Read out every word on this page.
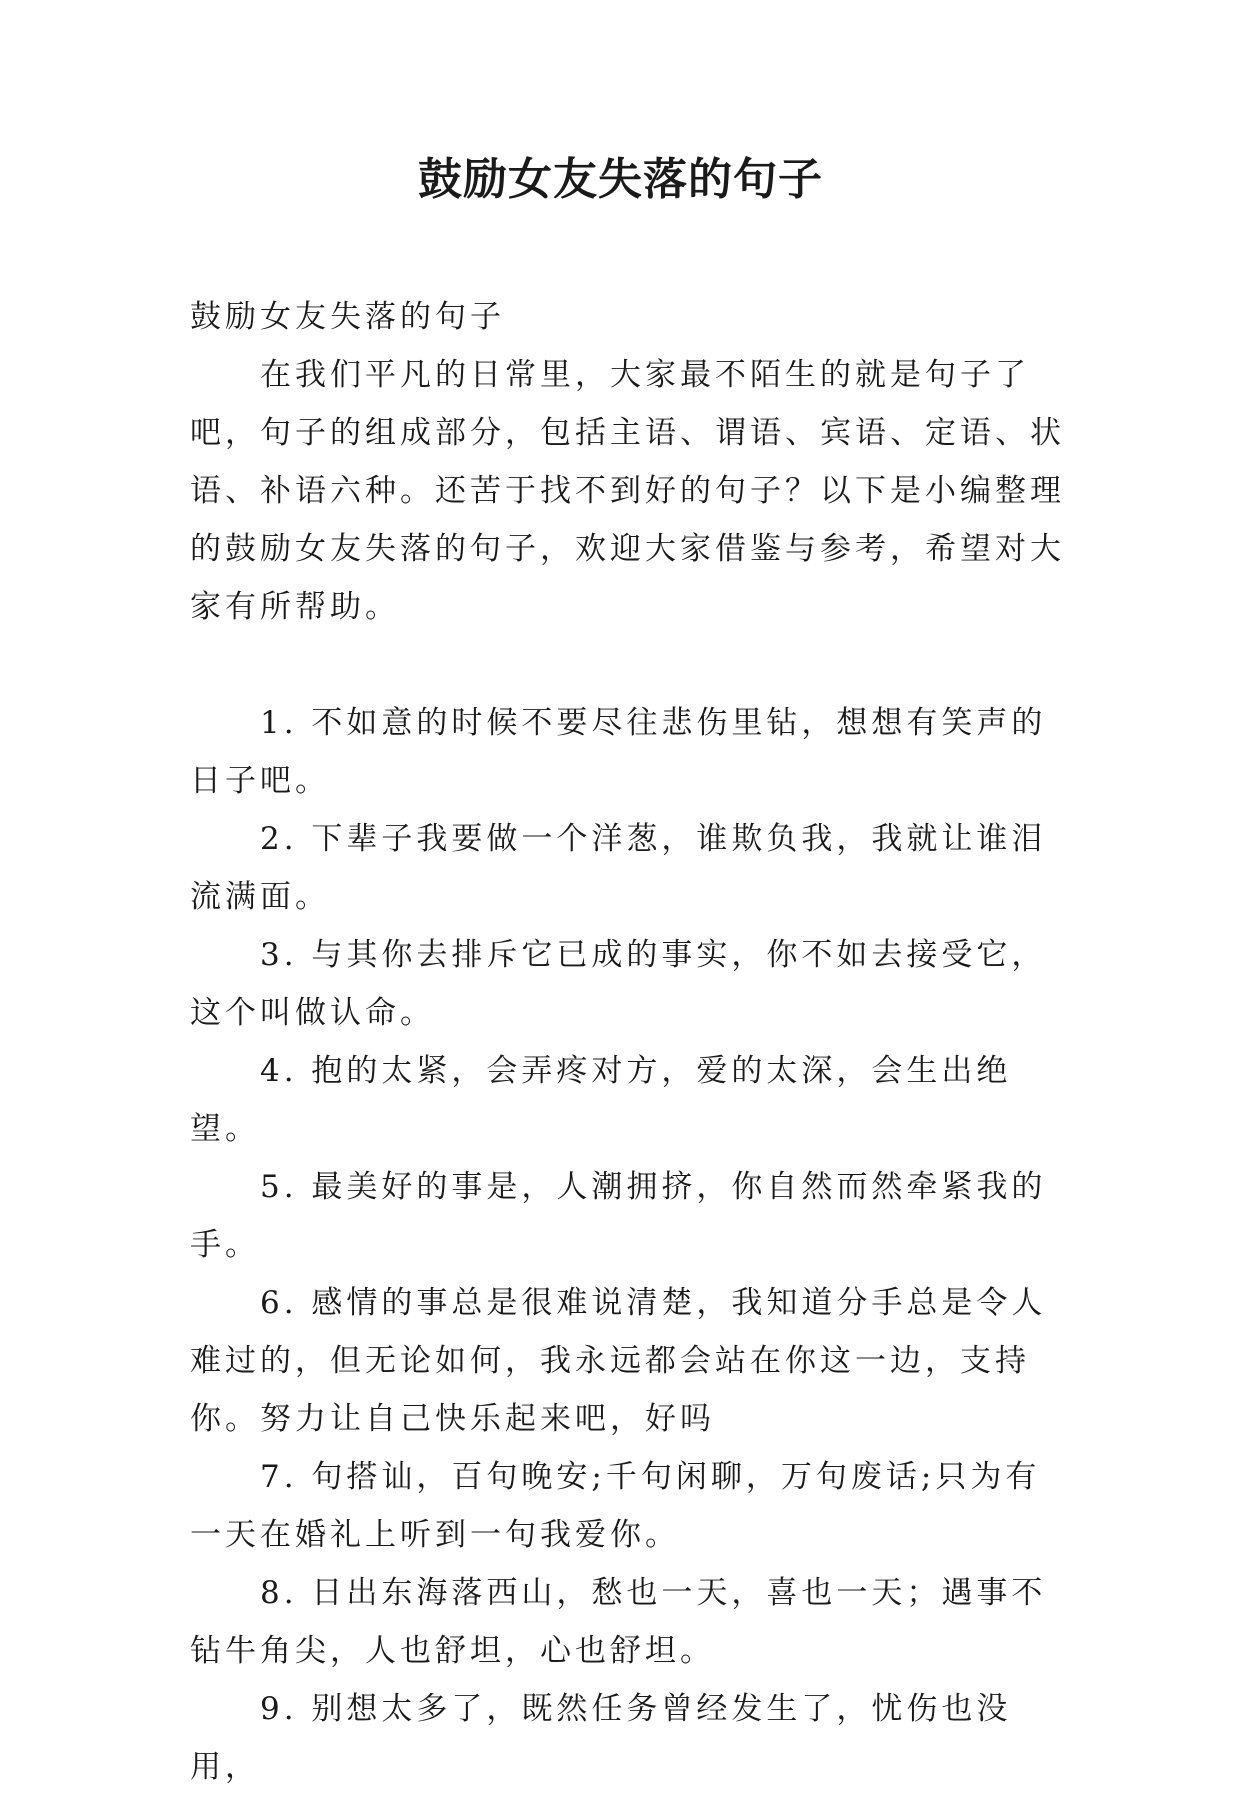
鼓励女友失落的句子

鼓励女友失落的句子

在我们平凡的日常里，大家最不陌生的就是句子了吧，句子的组成部分，包括主语、谓语、宾语、定语、状语、补语六种。还苦于找不到好的句子？以下是小编整理的鼓励女友失落的句子，欢迎大家借鉴与参考，希望对大家有所帮助。

1. 不如意的时候不要尽往悲伤里钻，想想有笑声的日子吧。

2. 下辈子我要做一个洋葱，谁欺负我，我就让谁泪流满面。

3. 与其你去排斥它已成的事实，你不如去接受它，这个叫做认命。

4. 抱的太紧，会弄疼对方，爱的太深，会生出绝望。

5. 最美好的事是，人潮拥挤，你自然而然牵紧我的手。

6. 感情的事总是很难说清楚，我知道分手总是令人难过的，但无论如何，我永远都会站在你这一边，支持你。努力让自己快乐起来吧，好吗

7. 句搭讪，百句晚安;千句闲聊，万句废话;只为有一天在婚礼上听到一句我爱你。

8. 日出东海落西山，愁也一天，喜也一天；遇事不钻牛角尖，人也舒坦，心也舒坦。

9. 别想太多了，既然任务曾经发生了，忧伤也没用，
